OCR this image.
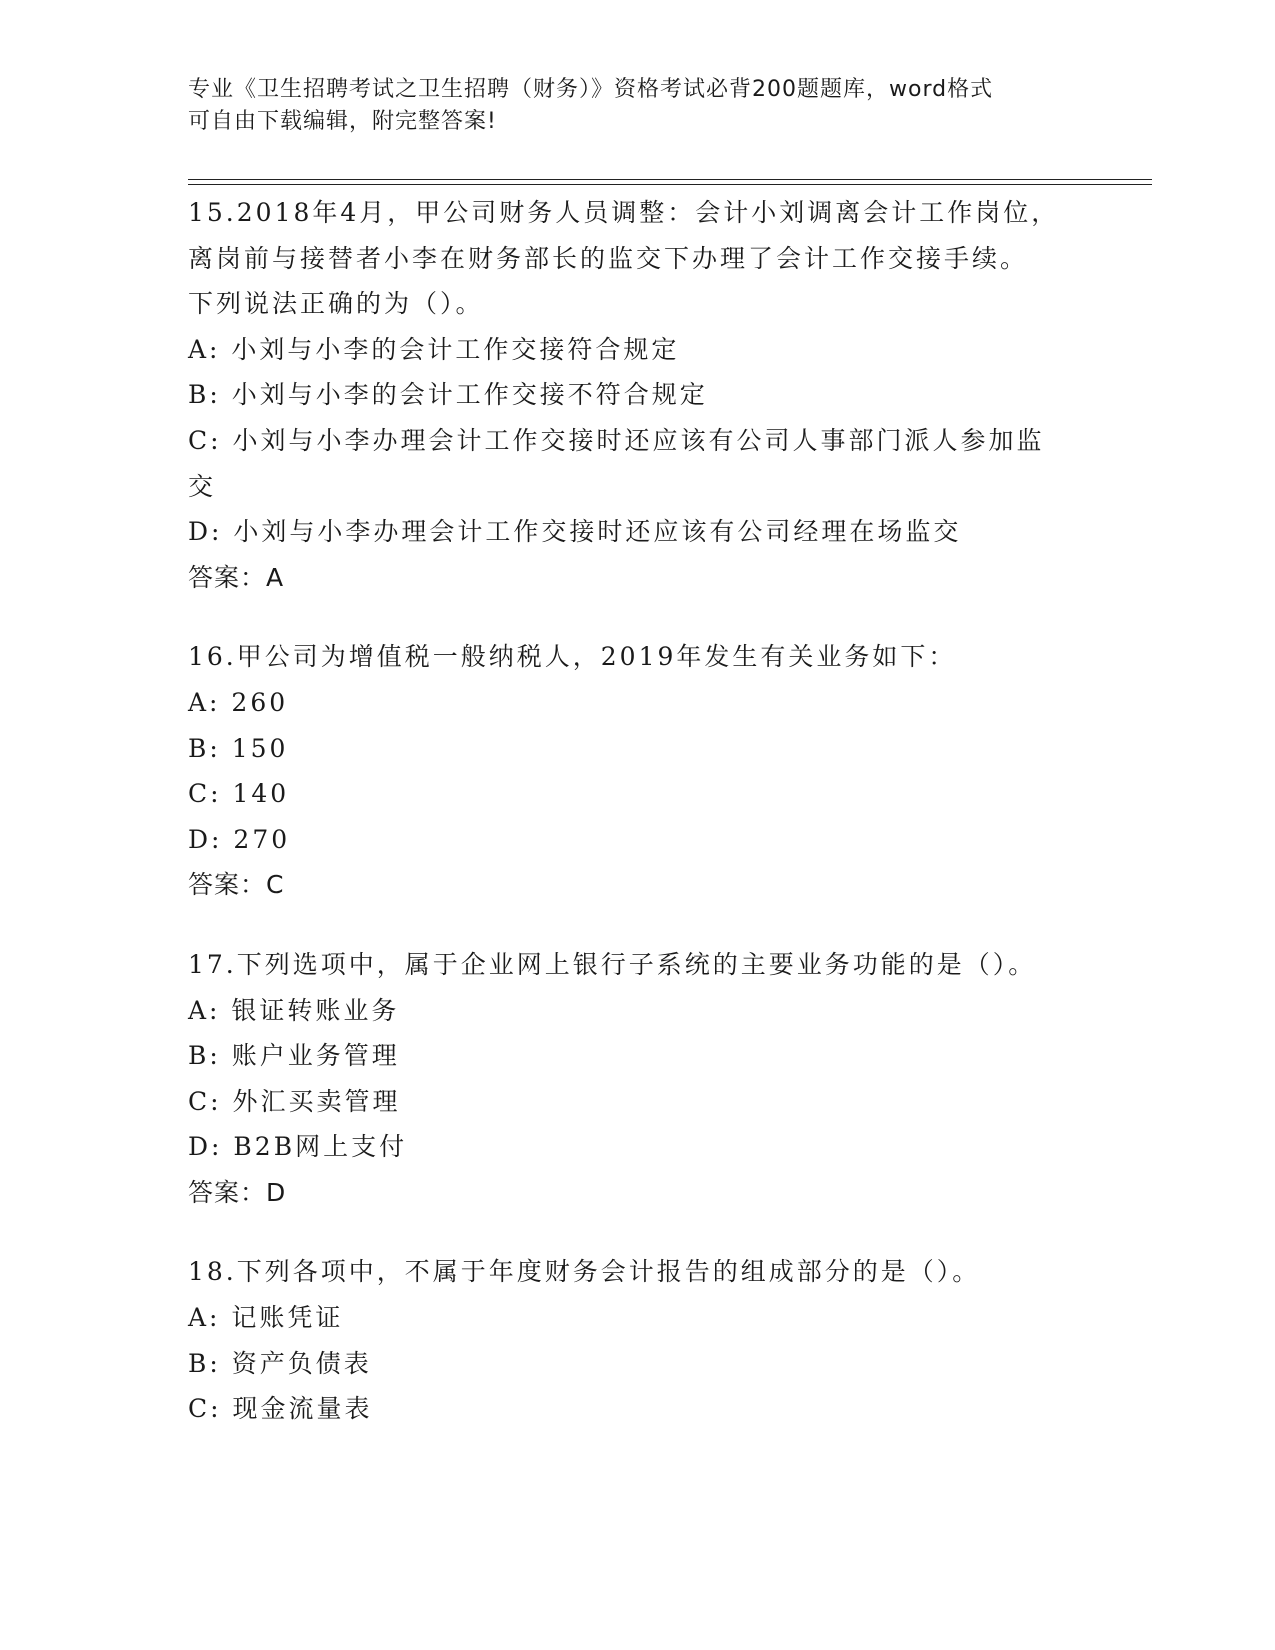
专业《卫生招聘考试之卫生招聘（财务）》资格考试必背200题题库，word格式
可自由下载编辑，附完整答案!
15.2018年4月，甲公司财务人员调整：会计小刘调离会计工作岗位，
离岗前与接替者小李在财务部长的监交下办理了会计工作交接手续。
下列说法正确的为（）。
A: 小刘与小李的会计工作交接符合规定
B: 小刘与小李的会计工作交接不符合规定
C: 小刘与小李办理会计工作交接时还应该有公司人事部门派人参加监
交
D: 小刘与小李办理会计工作交接时还应该有公司经理在场监交
答案：A
16.甲公司为增值税一般纳税人，2019年发生有关业务如下：
A: 260
B: 150
C: 140
D: 270
答案：C
17.下列选项中，属于企业网上银行子系统的主要业务功能的是（）。
A: 银证转账业务
B: 账户业务管理
C: 外汇买卖管理
D: B2B网上支付
答案：D
18.下列各项中，不属于年度财务会计报告的组成部分的是（）。
A: 记账凭证
B: 资产负债表
C: 现金流量表
